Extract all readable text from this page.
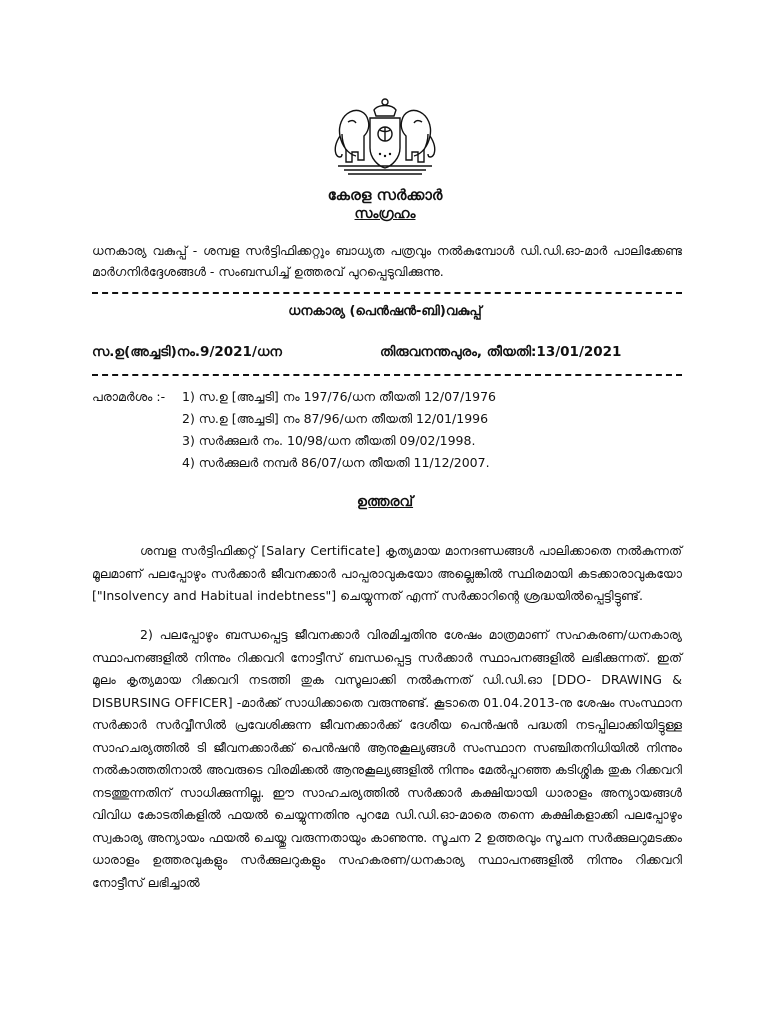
കേരള സർക്കാർ
സംഗ്രഹം
ധനകാര്യ വകുപ്പ് - ശമ്പള സർട്ടിഫിക്കറ്റും ബാധ്യത പത്രവും നൽകുമ്പോൾ ഡി.ഡി.ഓ-മാർ പാലിക്കേണ്ട മാർഗനിർദ്ദേശങ്ങൾ - സംബന്ധിച്ച് ഉത്തരവ് പുറപ്പെടുവിക്കുന്നു.
ധനകാര്യ (പെൻഷൻ-ബി)വകുപ്പ്
സ.ഉ(അച്ചടി)നം.9/2021/ധന	തിരുവനന്തപുരം, തീയതി:13/01/2021
പരാമർശം :- 1) സ.ഉ [അച്ചടി] നം 197/76/ധന തീയതി 12/07/1976
2) സ.ഉ [അച്ചടി] നം 87/96/ധന തീയതി 12/01/1996
3) സർക്കുലർ നം. 10/98/ധന തീയതി 09/02/1998.
4) സർക്കുലർ നമ്പർ 86/07/ധന തീയതി 11/12/2007.
ഉത്തരവ്
ശമ്പള സർട്ടിഫിക്കറ്റ് [Salary Certificate] കൃത്യമായ മാനദണ്ഡങ്ങൾ പാലിക്കാതെ നൽകുന്നത് മൂലമാണ് പലപ്പോഴും സർക്കാർ ജീവനക്കാർ പാപ്പരാവുകയോ അല്ലെങ്കിൽ സ്ഥിരമായി കടക്കാരാവുകയോ ["Insolvency and Habitual indebtness"] ചെയ്യുന്നത് എന്ന് സർക്കാറിന്റെ ശ്രദ്ധയിൽപ്പെട്ടിട്ടുണ്ട്.
2) പലപ്പോഴും ബന്ധപ്പെട്ട ജീവനക്കാർ വിരമിച്ചതിനു ശേഷം മാത്രമാണ് സഹകരണ/ധനകാര്യ സ്ഥാപനങ്ങളിൽ നിന്നും റിക്കവറി നോട്ടീസ് ബന്ധപ്പെട്ട സർക്കാർ സ്ഥാപനങ്ങളിൽ ലഭിക്കുന്നത്. ഇത് മൂലം കൃത്യമായ റിക്കവറി നടത്തി തുക വസൂലാക്കി നൽകുന്നത് ഡി.ഡി.ഓ [DDO- DRAWING & DISBURSING OFFICER] -മാർക്ക് സാധിക്കാതെ വരുന്നുണ്ട്. കൂടാതെ 01.04.2013-നു ശേഷം സംസ്ഥാന സർക്കാർ സർവ്വീസിൽ പ്രവേശിക്കുന്ന ജീവനക്കാർക്ക് ദേശീയ പെൻഷൻ പദ്ധതി നടപ്പിലാക്കിയിട്ടുള്ള സാഹചര്യത്തിൽ ടി ജീവനക്കാർക്ക് പെൻഷൻ ആനുകൂല്യങ്ങൾ സംസ്ഥാന സഞ്ചിതനിധിയിൽ നിന്നും നൽകാത്തതിനാൽ അവരുടെ വിരമിക്കൽ ആനുകൂല്യങ്ങളിൽ നിന്നും മേൽപ്പറഞ്ഞ കടിശ്ശിക തുക റിക്കവറി നടത്തുന്നതിന് സാധിക്കുന്നില്ല. ഈ സാഹചര്യത്തിൽ സർക്കാർ കക്ഷിയായി ധാരാളം അന്യായങ്ങൾ വിവിധ കോടതികളിൽ ഫയൽ ചെയ്യുന്നതിനു പുറമേ ഡി.ഡി.ഓ-മാരെ തന്നെ കക്ഷികളാക്കി പലപ്പോഴും സ്വകാര്യ അന്യായം ഫയൽ ചെയ്തു വരുന്നതായും കാണുന്നു. സൂചന 2 ഉത്തരവും സൂചന സർക്കുലറുമടക്കം ധാരാളം ഉത്തരവുകളും സർക്കുലറുകളും സഹകരണ/ധനകാര്യ സ്ഥാപനങ്ങളിൽ നിന്നും റിക്കവറി നോട്ടീസ് ലഭിച്ചാൽ
